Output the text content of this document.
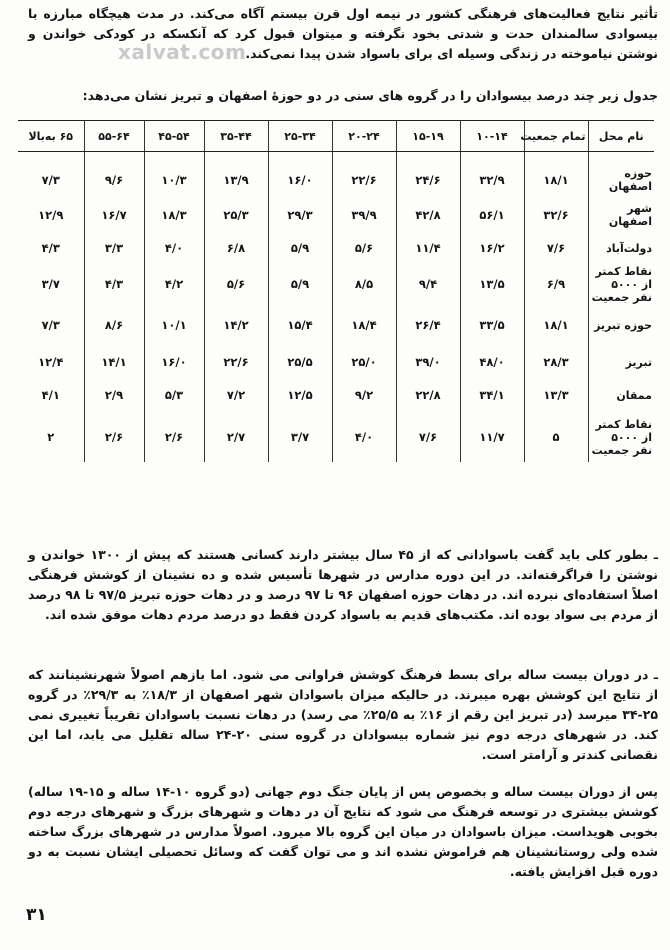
تأثیر نتایج فعالیت‌های فرهنگی کشور در نیمه اول قرن بیستم آگاه می‌کند. در مدت هیچگاه مبارزه با بیسوادی سالمندان حدت و شدتی بخود نگرفته و میتوان قبول کرد که آنکسکه در کودکی خواندن و نوشتن نیاموخته در زندگی وسیله ای برای باسواد شدن پیدا نمی‌کند.
xalvat.com
جدول زیر چند درصد بیسوادان را در گروه های سنی در دو حوزهٔ اصفهان و تبریز نشان می‌دهد:
نام محل	تمام جمعیت	۱۰-۱۴	۱۵-۱۹	۲۰-۲۴	۲۵-۳۴	۳۵-۴۴	۴۵-۵۴	۵۵-۶۴	۶۵ به‌بالا
حوزه اصفهان	۱۸/۱	۳۲/۹	۲۴/۶	۲۲/۶	۱۶/۰	۱۳/۹	۱۰/۳	۹/۶	۷/۳
شهر اصفهان	۳۲/۶	۵۶/۱	۴۲/۸	۳۹/۹	۲۹/۳	۲۵/۳	۱۸/۳	۱۶/۷	۱۲/۹
دولت‌آباد	۷/۶	۱۶/۲	۱۱/۴	۵/۶	۵/۹	۶/۸	۴/۰	۳/۳	۴/۳
نقاط کمتر از ۵۰۰۰ نفر جمعیت	۶/۹	۱۳/۵	۹/۴	۸/۵	۵/۹	۵/۶	۴/۲	۴/۳	۳/۷
حوزه تبریز	۱۸/۱	۳۳/۵	۲۶/۴	۱۸/۴	۱۵/۴	۱۴/۲	۱۰/۱	۸/۶	۷/۳
تبریز	۲۸/۳	۴۸/۰	۳۹/۰	۲۵/۰	۲۵/۵	۲۲/۶	۱۶/۰	۱۴/۱	۱۲/۴
ممقان	۱۳/۳	۳۴/۱	۲۲/۸	۹/۲	۱۲/۵	۷/۲	۵/۳	۲/۹	۴/۱
نقاط کمتر از ۵۰۰۰ نفر جمعیت	۵	۱۱/۷	۷/۶	۴/۰	۳/۷	۲/۷	۲/۶	۲/۶	۲
ـ بطور کلی باید گفت باسوادانی که از ۴۵ سال بیشتر دارند کسانی هستند که پیش از ۱۳۰۰ خواندن و نوشتن را فراگرفته‌اند. در این دوره مدارس در شهرها تأسیس شده و ده نشینان از کوشش فرهنگی اصلاً استفاده‌ای نبرده اند. در دهات حوزه اصفهان ۹۶ تا ۹۷ درصد و در دهات حوزه تبریز ۹۷/۵ تا ۹۸ درصد از مردم بی سواد بوده اند. مکتب‌های قدیم به باسواد کردن فقط دو درصد مردم دهات موفق شده اند.
ـ در دوران بیست ساله برای بسط فرهنگ کوشش فراوانی می شود. اما بازهم اصولاً شهرنشینانند که از نتایج این کوشش بهره میبرند. در حالیکه میزان باسوادان شهر اصفهان از ۱۸/۳٪ به ۲۹/۳٪ در گروه ۲۵-۳۴ میرسد (در تبریز این رقم از ۱۶٪ به ۲۵/۵٪ می رسد) در دهات نسبت باسوادان تقریباً تغییری نمی کند. در شهرهای درجه دوم نیز شماره بیسوادان در گروه سنی ۲۰-۲۴ ساله تقلیل می یابد، اما این نقصانی کندتر و آرامتر است.
پس از دوران بیست ساله و بخصوص پس از پایان جنگ دوم جهانی (دو گروه ۱۰-۱۴ ساله و ۱۵-۱۹ ساله) کوشش بیشتری در توسعه فرهنگ می شود که نتایج آن در دهات و شهرهای بزرگ و شهرهای درجه دوم بخوبی هویداست. میزان باسوادان در میان این گروه بالا میرود. اصولاً مدارس در شهرهای بزرگ ساخته شده ولی روستانشینان هم فراموش نشده اند و می توان گفت که وسائل تحصیلی ایشان نسبت به دو دوره قبل افزایش یافته.
۳۱
